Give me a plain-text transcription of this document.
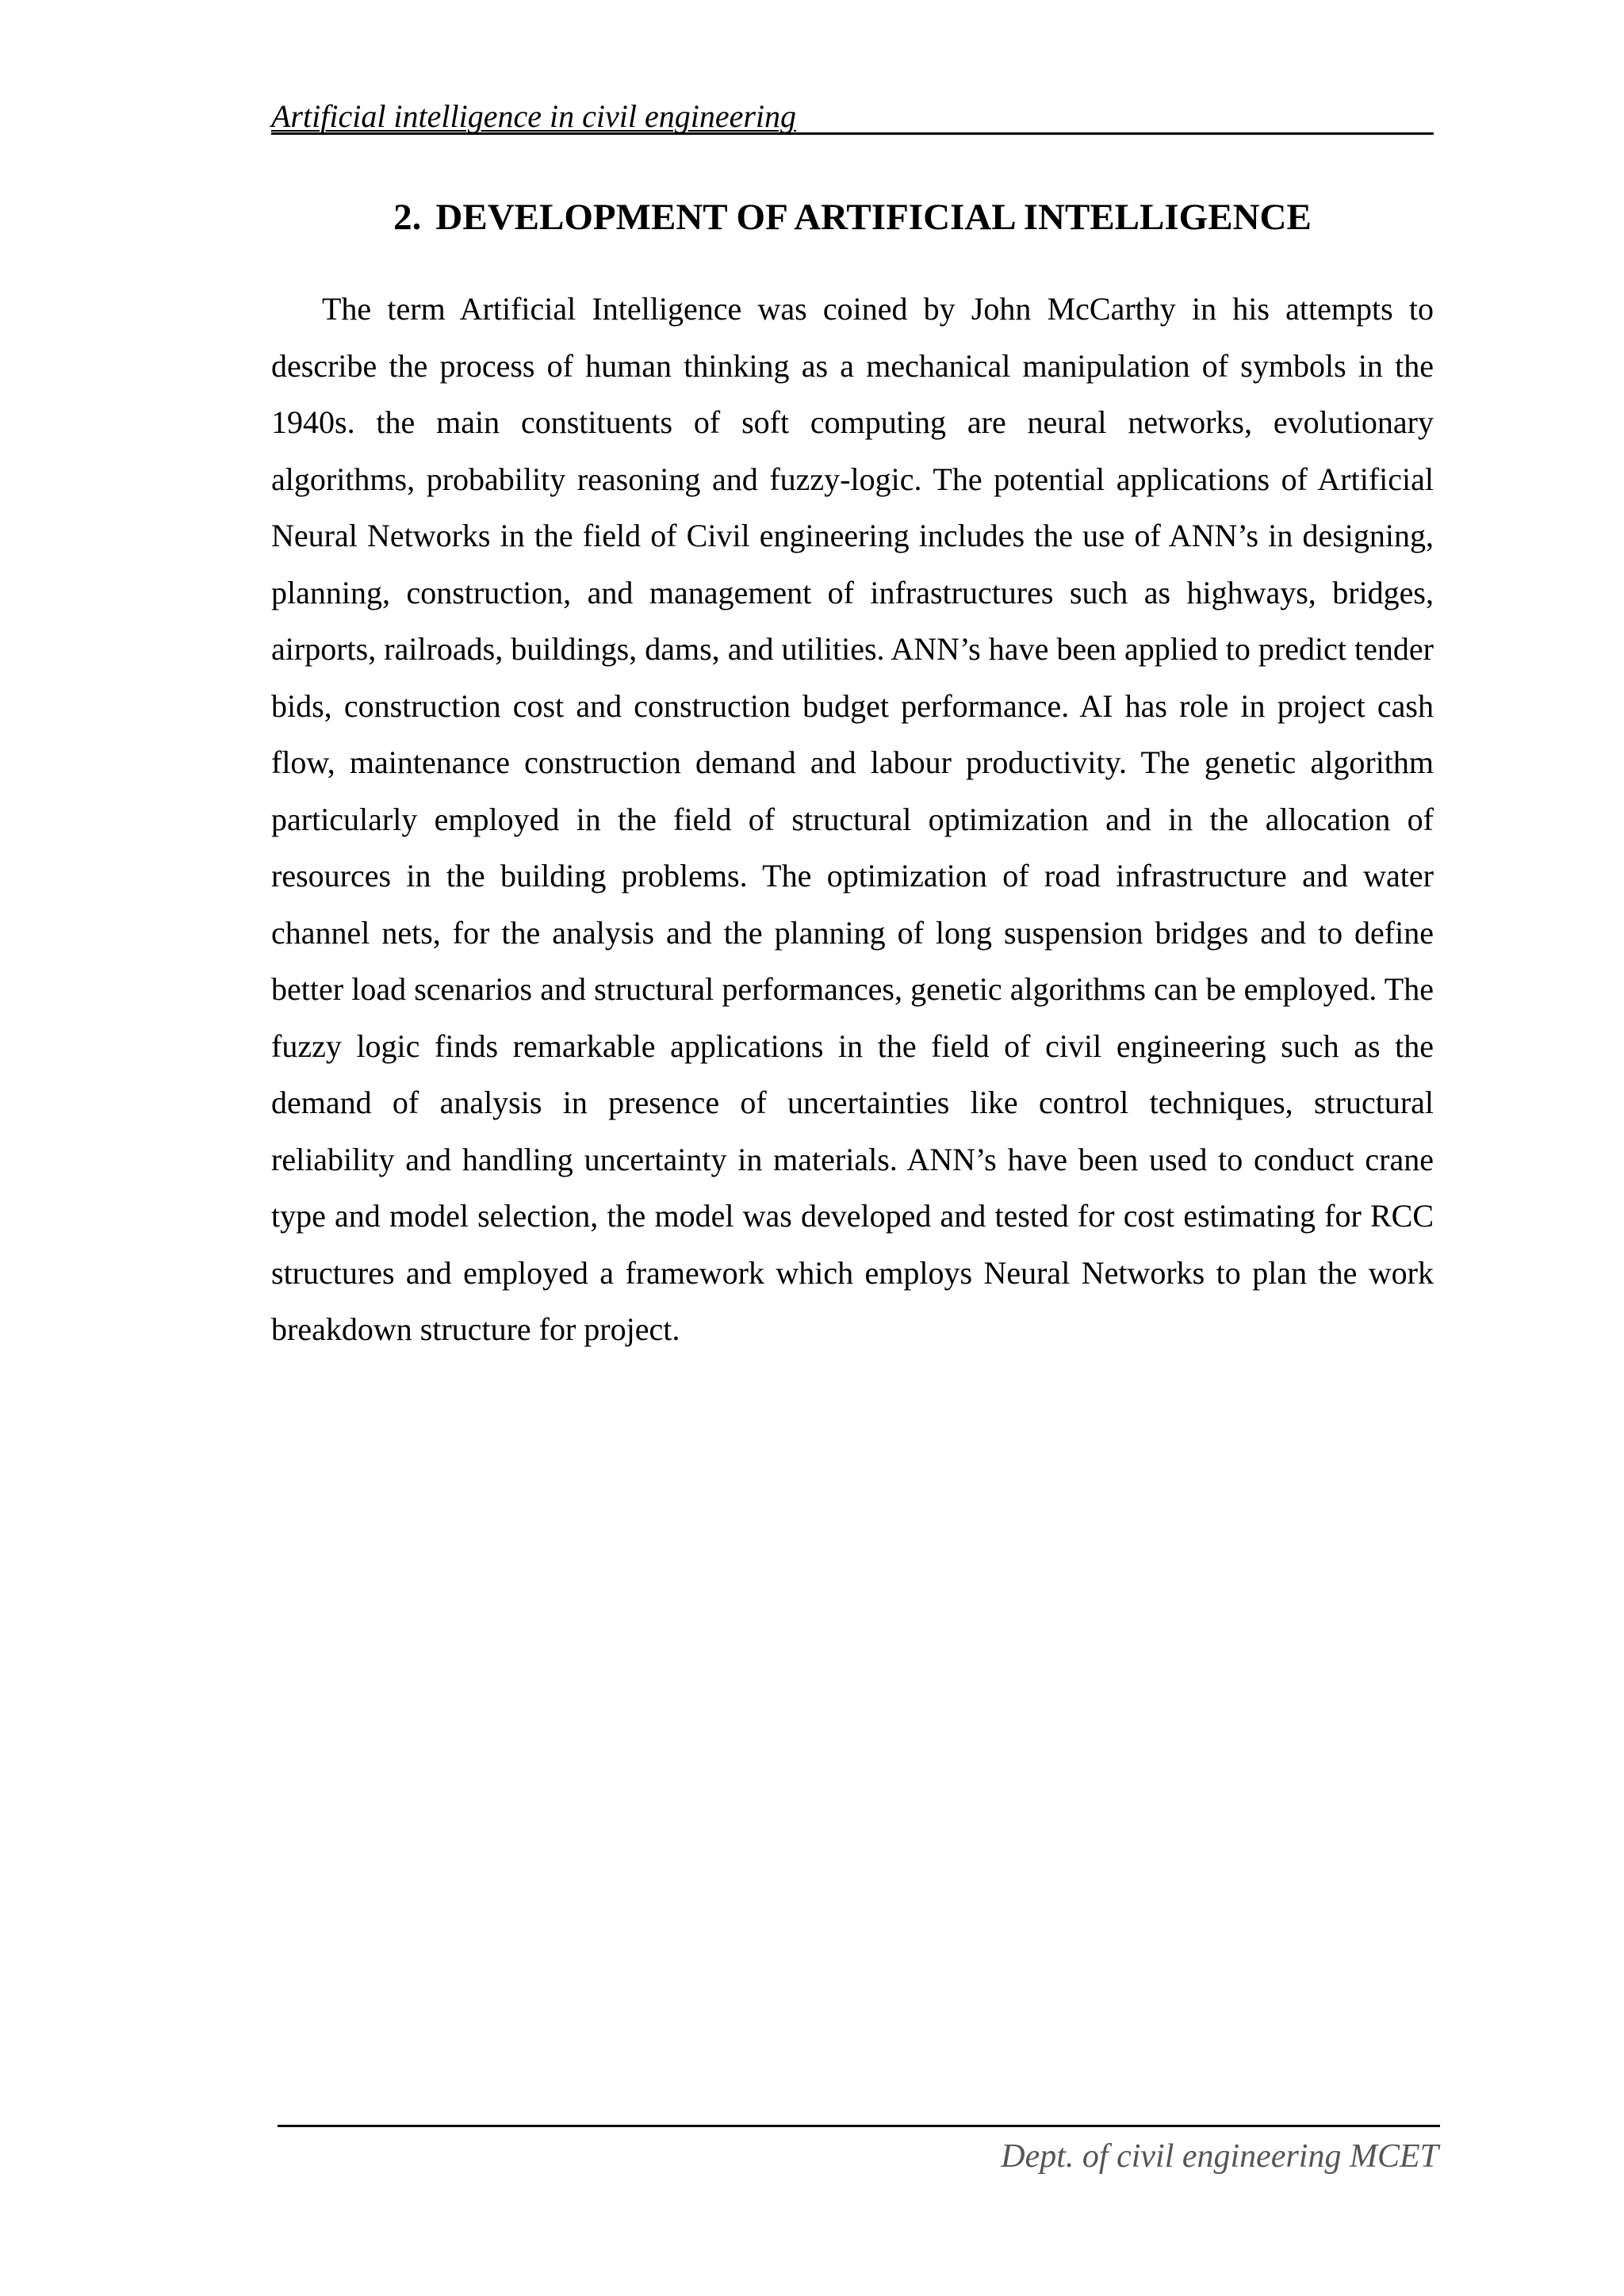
Artificial intelligence in civil engineering
2. DEVELOPMENT OF ARTIFICIAL INTELLIGENCE

The term Artificial Intelligence was coined by John McCarthy in his attempts to describe the process of human thinking as a mechanical manipulation of symbols in the 1940s. the main constituents of soft computing are neural networks, evolutionary algorithms, probability reasoning and fuzzy-logic. The potential applications of Artificial Neural Networks in the field of Civil engineering includes the use of ANN’s in designing, planning, construction, and management of infrastructures such as highways, bridges, airports, railroads, buildings, dams, and utilities. ANN’s have been applied to predict tender bids, construction cost and construction budget performance. AI has role in project cash flow, maintenance construction demand and labour productivity. The genetic algorithm particularly employed in the field of structural optimization and in the allocation of resources in the building problems. The optimization of road infrastructure and water channel nets, for the analysis and the planning of long suspension bridges and to define better load scenarios and structural performances, genetic algorithms can be employed. The fuzzy logic finds remarkable applications in the field of civil engineering such as the demand of analysis in presence of uncertainties like control techniques, structural reliability and handling uncertainty in materials. ANN’s have been used to conduct crane type and model selection, the model was developed and tested for cost estimating for RCC structures and employed a framework which employs Neural Networks to plan the work breakdown structure for project.

Dept. of civil engineering MCET
